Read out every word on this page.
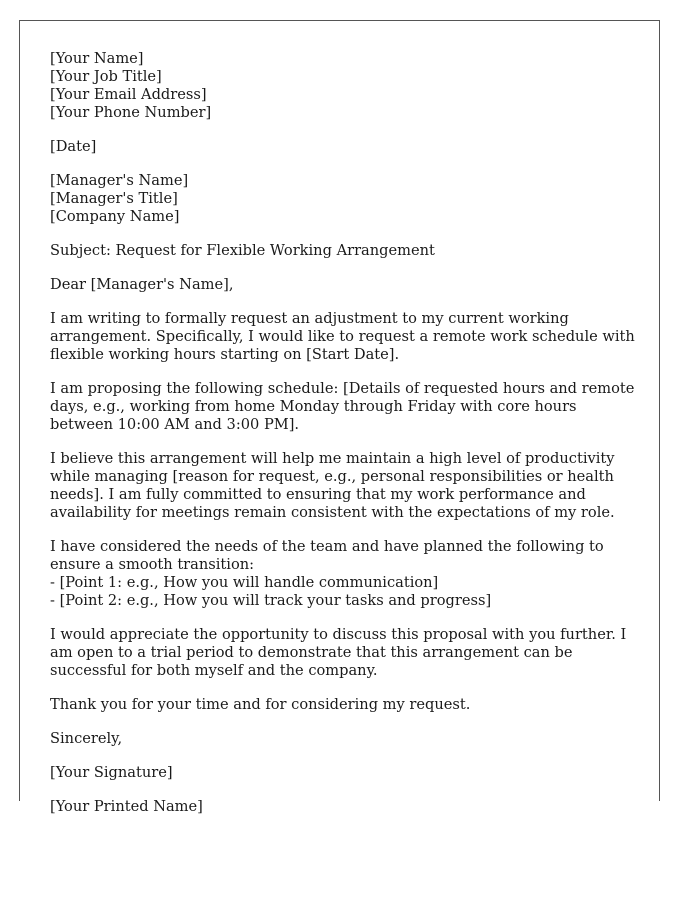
[Your Name]
[Your Job Title]
[Your Email Address]
[Your Phone Number]
[Date]
[Manager's Name]
[Manager's Title]
[Company Name]
Subject: Request for Flexible Working Arrangement
Dear [Manager's Name],
I am writing to formally request an adjustment to my current working arrangement. Specifically, I would like to request a remote work schedule with flexible working hours starting on [Start Date].
I am proposing the following schedule: [Details of requested hours and remote days, e.g., working from home Monday through Friday with core hours between 10:00 AM and 3:00 PM].
I believe this arrangement will help me maintain a high level of productivity while managing [reason for request, e.g., personal responsibilities or health needs]. I am fully committed to ensuring that my work performance and availability for meetings remain consistent with the expectations of my role.
I have considered the needs of the team and have planned the following to ensure a smooth transition:
- [Point 1: e.g., How you will handle communication]
- [Point 2: e.g., How you will track your tasks and progress]
I would appreciate the opportunity to discuss this proposal with you further. I am open to a trial period to demonstrate that this arrangement can be successful for both myself and the company.
Thank you for your time and for considering my request.
Sincerely,
[Your Signature]
[Your Printed Name]
